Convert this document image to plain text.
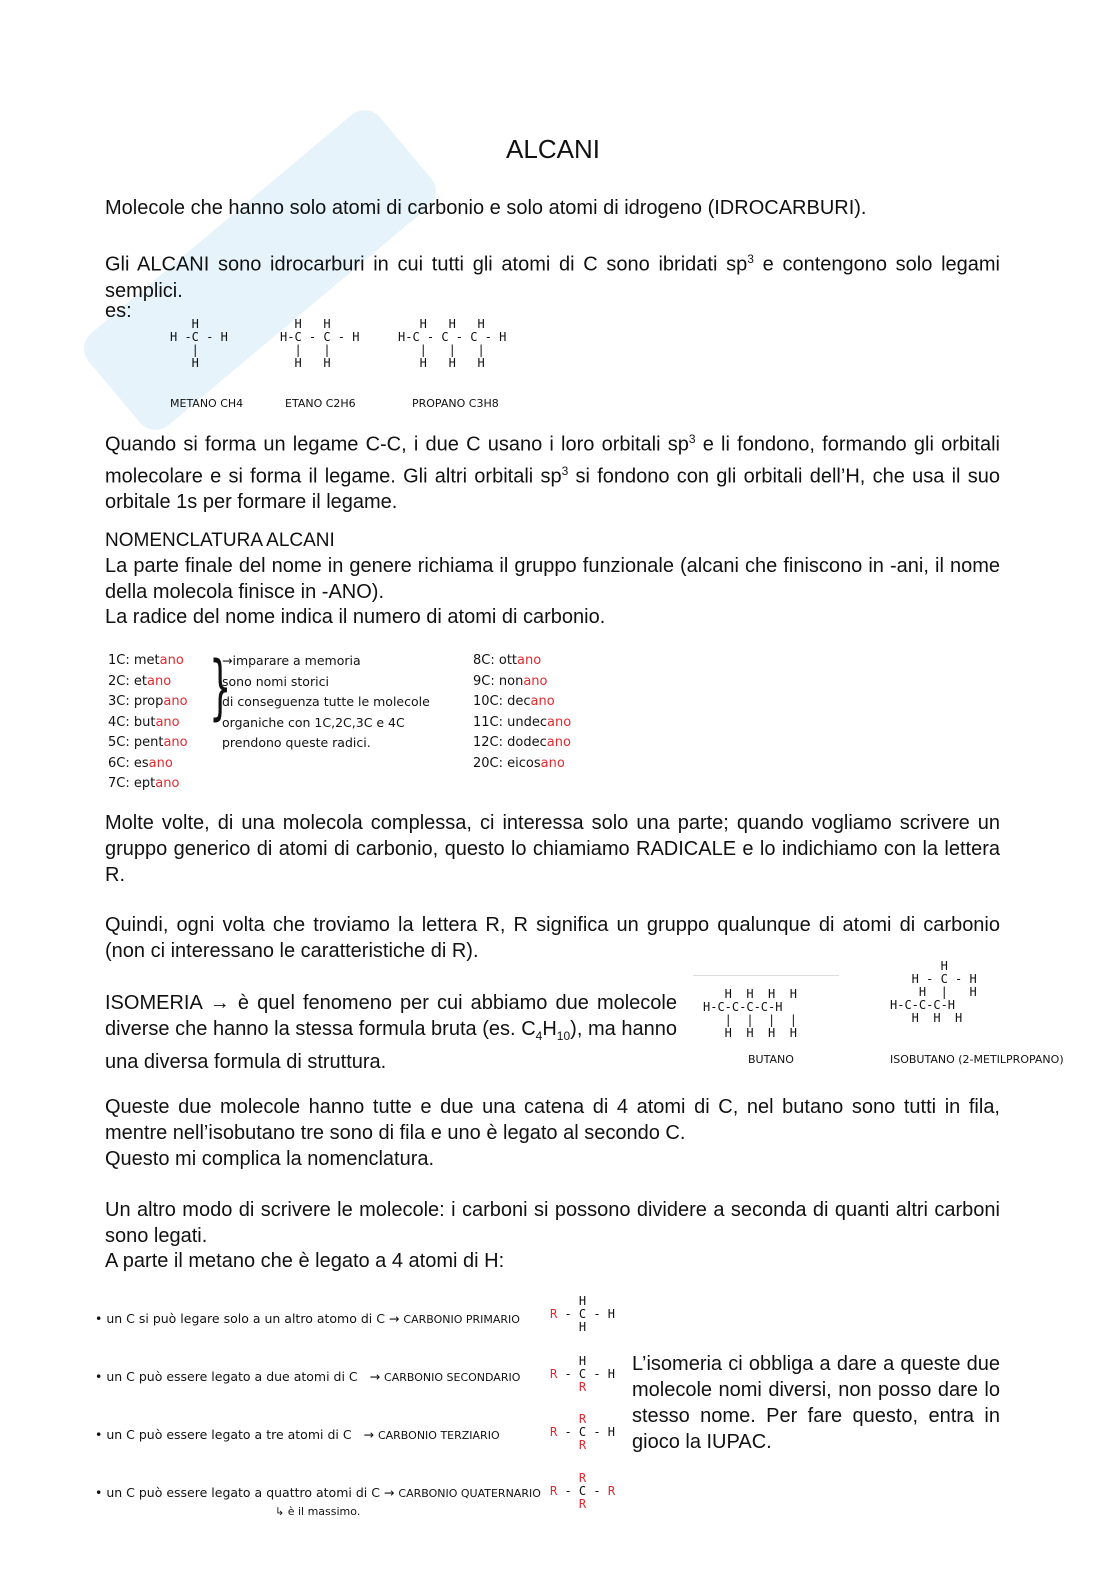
ALCANI
Molecole che hanno solo atomi di carbonio e solo atomi di idrogeno (IDROCARBURI).
Gli ALCANI sono idrocarburi in cui tutti gli atomi di C sono ibridati $sp^3$ e contengono solo legami semplici.
es:
H
H -C - H
|
H
METANO CH4
H   H
H-C - C - H
|   |
H   H
ETANO C2H6
H   H   H
H-C - C - C - H
|   |   |
H   H   H
PROPANO C3H8
Quando si forma un legame C-C, i due C usano i loro orbitali $sp^3$ e li fondono, formando gli orbitali molecolare e si forma il legame. Gli altri orbitali $sp^3$ si fondono con gli orbitali dell’H, che usa il suo orbitale 1s per formare il legame.
NOMENCLATURA ALCANI
La parte finale del nome in genere richiama il gruppo funzionale (alcani che finiscono in -ani, il nome della molecola finisce in -ANO).
La radice del nome indica il numero di atomi di carbonio.
1C: metano
2C: etano
3C: propano
4C: butano
5C: pentano
6C: esano
7C: eptano
}
→imparare a memoria
sono nomi storici
di conseguenza tutte le molecole
organiche con 1C,2C,3C e 4C
prendono queste radici.
8C: ottano
9C: nonano
10C: decano
11C: undecano
12C: dodecano
20C: eicosano
Molte volte, di una molecola complessa, ci interessa solo una parte; quando vogliamo scrivere un gruppo generico di atomi di carbonio, questo lo chiamiamo RADICALE e lo indichiamo con la lettera R.
Quindi, ogni volta che troviamo la lettera R, R significa un gruppo qualunque di atomi di carbonio (non ci interessano le caratteristiche di R).
ISOMERIA → è quel fenomeno per cui abbiamo due molecole diverse che hanno la stessa formula bruta (es. $C_4H_{10}$), ma hanno una diversa formula di struttura.
H  H  H  H
H-C-C-C-C-H
|  |  |  |
H  H  H  H
BUTANO
H
H - C - H
H  |   H
H-C-C-C-H
H  H  H
ISOBUTANO (2-METILPROPANO)
Queste due molecole hanno tutte e due una catena di 4 atomi di C, nel butano sono tutti in fila, mentre nell’isobutano tre sono di fila e uno è legato al secondo C.
Questo mi complica la nomenclatura.
Un altro modo di scrivere le molecole: i carboni si possono dividere a seconda di quanti altri carboni sono legati.
A parte il metano che è legato a 4 atomi di H:
• un C si può legare solo a un altro atomo di C → CARBONIO PRIMARIO
• un C può essere legato a due atomi di C → CARBONIO SECONDARIO
• un C può essere legato a tre atomi di C → CARBONIO TERZIARIO
• un C può essere legato a quattro atomi di C → CARBONIO QUATERNARIO
↳ è il massimo.
H
R - C - H
H
H
R - C - H
R
R
R - C - H
R
R
R - C - R
R
L’isomeria ci obbliga a dare a queste due molecole nomi diversi, non posso dare lo stesso nome. Per fare questo, entra in gioco la IUPAC.
